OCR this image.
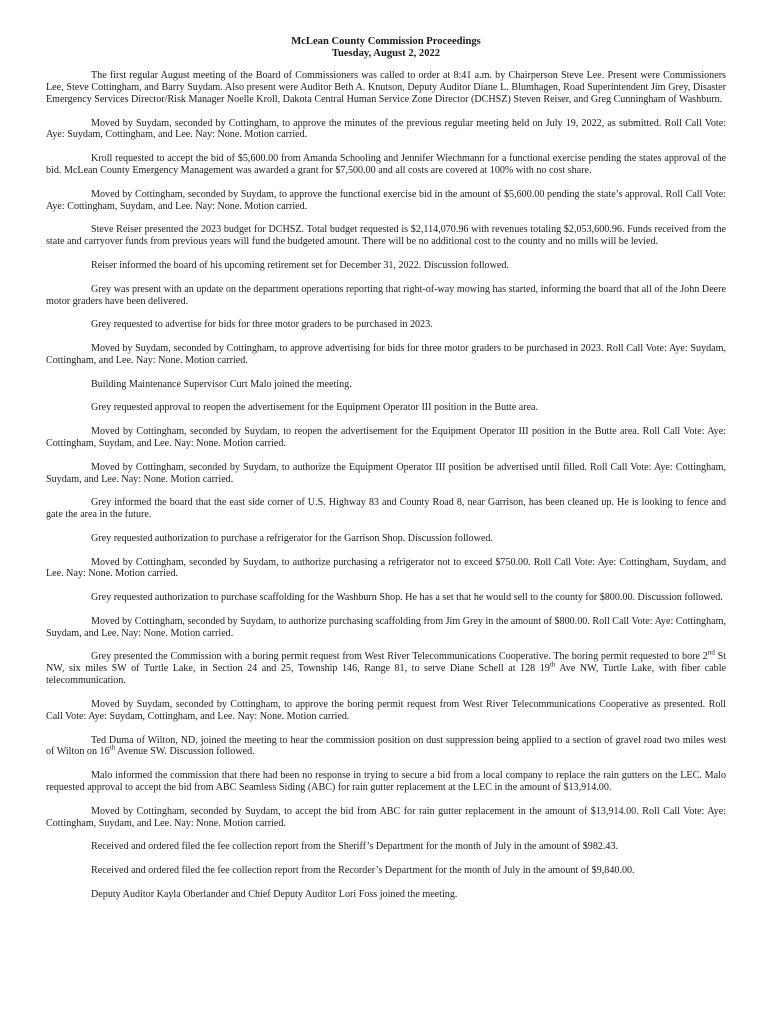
McLean County Commission Proceedings

Tuesday, August 2, 2022

The first regular August meeting of the Board of Commissioners was called to order at 8:41 a.m. by Chairperson Steve Lee. Present were Commissioners Lee, Steve Cottingham, and Barry Suydam. Also present were Auditor Beth A. Knutson, Deputy Auditor Diane L. Blumhagen, Road Superintendent Jim Grey, Disaster Emergency Services Director/Risk Manager Noelle Kroll, Dakota Central Human Service Zone Director (DCHSZ) Steven Reiser, and Greg Cunningham of Washburn.

Moved by Suydam, seconded by Cottingham, to approve the minutes of the previous regular meeting held on July 19, 2022, as submitted. Roll Call Vote: Aye: Suydam, Cottingham, and Lee. Nay: None. Motion carried.

Kroll requested to accept the bid of $5,600.00 from Amanda Schooling and Jennifer Wiechmann for a functional exercise pending the states approval of the bid. McLean County Emergency Management was awarded a grant for $7,500.00 and all costs are covered at 100% with no cost share.

Moved by Cottingham, seconded by Suydam, to approve the functional exercise bid in the amount of $5,600.00 pending the state’s approval. Roll Call Vote: Aye: Cottingham, Suydam, and Lee. Nay: None. Motion carried.

Steve Reiser presented the 2023 budget for DCHSZ. Total budget requested is $2,114,070.96 with revenues totaling $2,053,600.96. Funds received from the state and carryover funds from previous years will fund the budgeted amount. There will be no additional cost to the county and no mills will be levied.

Reiser informed the board of his upcoming retirement set for December 31, 2022. Discussion followed.

Grey was present with an update on the department operations reporting that right-of-way mowing has started, informing the board that all of the John Deere motor graders have been delivered.

Grey requested to advertise for bids for three motor graders to be purchased in 2023.

Moved by Suydam, seconded by Cottingham, to approve advertising for bids for three motor graders to be purchased in 2023. Roll Call Vote: Aye: Suydam, Cottingham, and Lee. Nay: None. Motion carried.

Building Maintenance Supervisor Curt Malo joined the meeting.

Grey requested approval to reopen the advertisement for the Equipment Operator III position in the Butte area.

Moved by Cottingham, seconded by Suydam, to reopen the advertisement for the Equipment Operator III position in the Butte area. Roll Call Vote: Aye: Cottingham, Suydam, and Lee. Nay: None. Motion carried.

Moved by Cottingham, seconded by Suydam, to authorize the Equipment Operator III position be advertised until filled. Roll Call Vote: Aye: Cottingham, Suydam, and Lee. Nay: None. Motion carried.

Grey informed the board that the east side corner of U.S. Highway 83 and County Road 8, near Garrison, has been cleaned up. He is looking to fence and gate the area in the future.

Grey requested authorization to purchase a refrigerator for the Garrison Shop. Discussion followed.

Moved by Cottingham, seconded by Suydam, to authorize purchasing a refrigerator not to exceed $750.00. Roll Call Vote: Aye: Cottingham, Suydam, and Lee. Nay: None. Motion carried.

Grey requested authorization to purchase scaffolding for the Washburn Shop. He has a set that he would sell to the county for $800.00. Discussion followed.

Moved by Cottingham, seconded by Suydam, to authorize purchasing scaffolding from Jim Grey in the amount of $800.00. Roll Call Vote: Aye: Cottingham, Suydam, and Lee. Nay: None. Motion carried.

Grey presented the Commission with a boring permit request from West River Telecommunications Cooperative. The boring permit requested to bore 2nd St NW, six miles SW of Turtle Lake, in Section 24 and 25, Township 146, Range 81, to serve Diane Schell at 128 19th Ave NW, Turtle Lake, with fiber cable telecommunication.

Moved by Suydam, seconded by Cottingham, to approve the boring permit request from West River Telecommunications Cooperative as presented. Roll Call Vote: Aye: Suydam, Cottingham, and Lee. Nay: None. Motion carried.

Ted Duma of Wilton, ND, joined the meeting to hear the commission position on dust suppression being applied to a section of gravel road two miles west of Wilton on 16th Avenue SW. Discussion followed.

Malo informed the commission that there had been no response in trying to secure a bid from a local company to replace the rain gutters on the LEC. Malo requested approval to accept the bid from ABC Seamless Siding (ABC) for rain gutter replacement at the LEC in the amount of $13,914.00.

Moved by Cottingham, seconded by Suydam, to accept the bid from ABC for rain gutter replacement in the amount of $13,914.00. Roll Call Vote: Aye: Cottingham, Suydam, and Lee. Nay: None. Motion carried.

Received and ordered filed the fee collection report from the Sheriff’s Department for the month of July in the amount of $982.43.

Received and ordered filed the fee collection report from the Recorder’s Department for the month of July in the amount of $9,840.00.

Deputy Auditor Kayla Oberlander and Chief Deputy Auditor Lori Foss joined the meeting.
